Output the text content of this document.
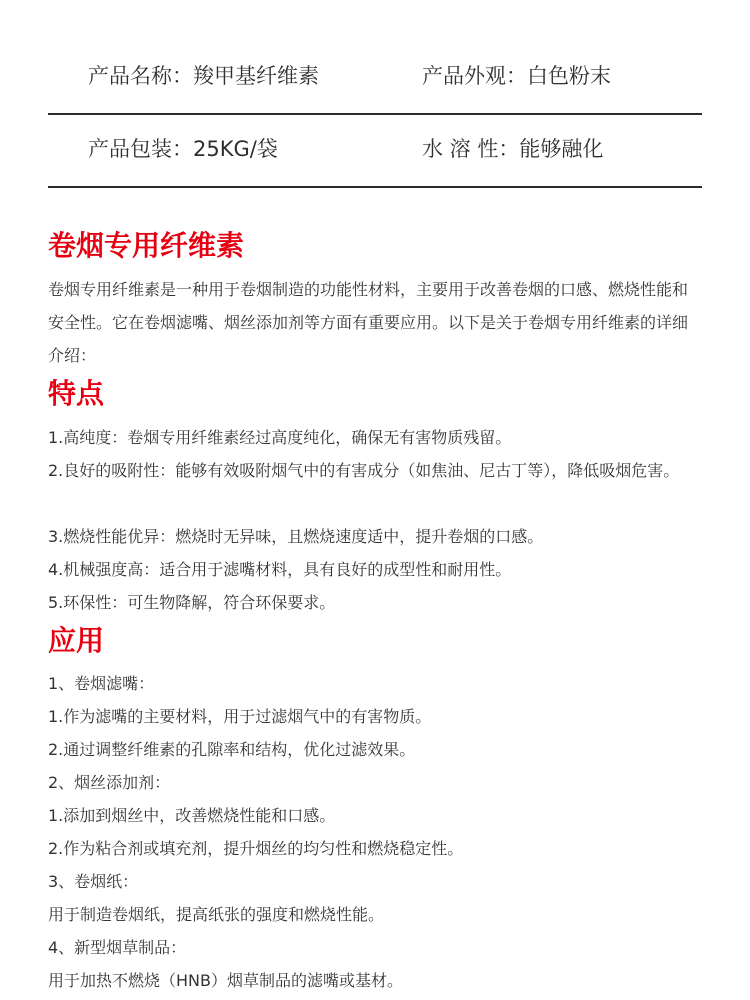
产品名称：羧甲基纤维素	产品外观：白色粉末
产品包装：25KG/袋	水 溶 性：能够融化
卷烟专用纤维素

卷烟专用纤维素是一种用于卷烟制造的功能性材料，主要用于改善卷烟的口感、燃烧性能和安全性。它在卷烟滤嘴、烟丝添加剂等方面有重要应用。以下是关于卷烟专用纤维素的详细介绍：

特点

1.高纯度：卷烟专用纤维素经过高度纯化，确保无有害物质残留。

2.良好的吸附性：能够有效吸附烟气中的有害成分（如焦油、尼古丁等），降低吸烟危害。

3.燃烧性能优异：燃烧时无异味，且燃烧速度适中，提升卷烟的口感。

4.机械强度高：适合用于滤嘴材料，具有良好的成型性和耐用性。

5.环保性：可生物降解，符合环保要求。

应用

1、卷烟滤嘴：

1.作为滤嘴的主要材料，用于过滤烟气中的有害物质。

2.通过调整纤维素的孔隙率和结构，优化过滤效果。

2、烟丝添加剂：

1.添加到烟丝中，改善燃烧性能和口感。

2.作为粘合剂或填充剂，提升烟丝的均匀性和燃烧稳定性。

3、卷烟纸：

用于制造卷烟纸，提高纸张的强度和燃烧性能。

4、新型烟草制品：

用于加热不燃烧（HNB）烟草制品的滤嘴或基材。
